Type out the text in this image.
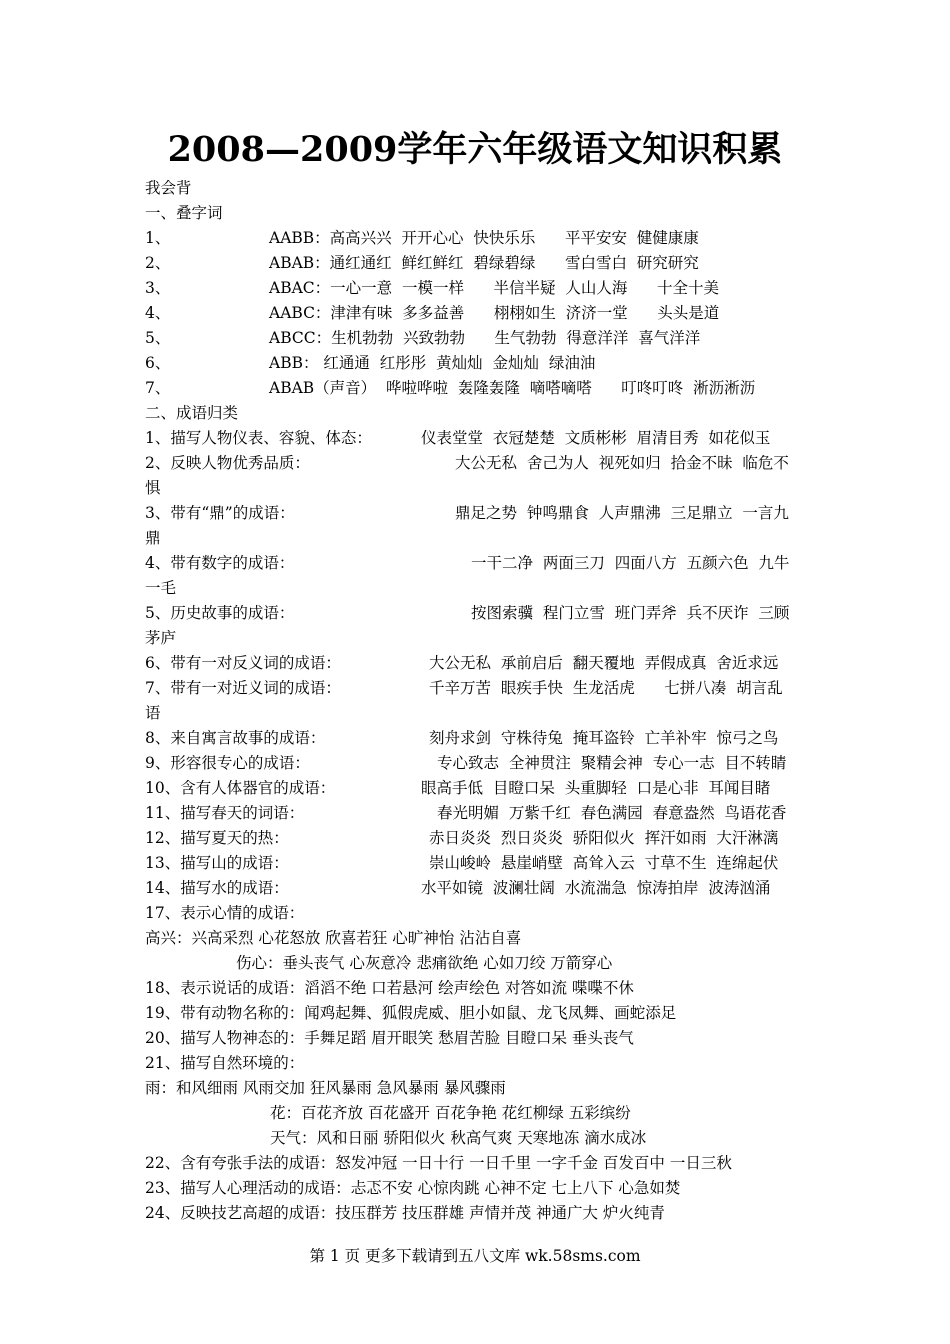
2008—2009学年六年级语文知识积累
我会背
一、叠字词
1、	AABB：高高兴兴  开开心心  快快乐乐      平平安安  健健康康
2、	ABAB：通红通红  鲜红鲜红  碧绿碧绿      雪白雪白  研究研究
3、	ABAC：一心一意  一模一样      半信半疑  人山人海      十全十美
4、	AABC：津津有味  多多益善      栩栩如生  济济一堂      头头是道
5、	ABCC：生机勃勃  兴致勃勃      生气勃勃  得意洋洋  喜气洋洋
6、	ABB： 红通通  红彤彤  黄灿灿  金灿灿  绿油油
7、	ABAB（声音）  哗啦哗啦  轰隆轰隆  嘀嗒嘀嗒      叮咚叮咚  淅沥淅沥
二、成语归类
1、描写人物仪表、容貌、体态：	仪表堂堂  衣冠楚楚  文质彬彬  眉清目秀  如花似玉
2、反映人物优秀品质：	大公无私  舍己为人  视死如归  拾金不昧  临危不
惧
3、带有“鼎”的成语：	鼎足之势  钟鸣鼎食  人声鼎沸  三足鼎立  一言九
鼎
4、带有数字的成语：	一干二净  两面三刀  四面八方  五颜六色  九牛
一毛
5、历史故事的成语：	按图索骥  程门立雪  班门弄斧  兵不厌诈  三顾
茅庐
6、带有一对反义词的成语：	大公无私  承前启后  翻天覆地  弄假成真  舍近求远
7、带有一对近义词的成语：	千辛万苦  眼疾手快  生龙活虎      七拼八凑  胡言乱
语
8、来自寓言故事的成语：	刻舟求剑  守株待兔  掩耳盗铃  亡羊补牢  惊弓之鸟
9、形容很专心的成语：	专心致志  全神贯注  聚精会神  专心一志  目不转睛
10、含有人体器官的成语：	眼高手低  目瞪口呆  头重脚轻  口是心非  耳闻目睹
11、描写春天的词语：	春光明媚  万紫千红  春色满园  春意盎然  鸟语花香
12、描写夏天的热：	赤日炎炎  烈日炎炎  骄阳似火  挥汗如雨  大汗淋漓
13、描写山的成语：	崇山峻岭  悬崖峭壁  高耸入云  寸草不生  连绵起伏
14、描写水的成语：	水平如镜  波澜壮阔  水流湍急  惊涛拍岸  波涛汹涌
17、表示心情的成语：
高兴：兴高采烈 心花怒放 欣喜若狂 心旷神怡 沾沾自喜
伤心：垂头丧气 心灰意冷 悲痛欲绝 心如刀绞 万箭穿心
18、表示说话的成语：滔滔不绝 口若悬河 绘声绘色 对答如流 喋喋不休
19、带有动物名称的：闻鸡起舞、狐假虎威、胆小如鼠、龙飞凤舞、画蛇添足
20、描写人物神态的：手舞足蹈 眉开眼笑 愁眉苦脸 目瞪口呆 垂头丧气
21、描写自然环境的：
雨：和风细雨 风雨交加 狂风暴雨 急风暴雨 暴风骤雨
花：百花齐放 百花盛开 百花争艳 花红柳绿 五彩缤纷
天气：风和日丽 骄阳似火 秋高气爽 天寒地冻 滴水成冰
22、含有夸张手法的成语：怒发冲冠 一日十行 一日千里 一字千金 百发百中 一日三秋
23、描写人心理活动的成语：忐忑不安 心惊肉跳 心神不定 七上八下 心急如焚
24、反映技艺高超的成语：技压群芳 技压群雄 声情并茂 神通广大 炉火纯青
第 1 页 更多下载请到五八文库 wk.58sms.com
